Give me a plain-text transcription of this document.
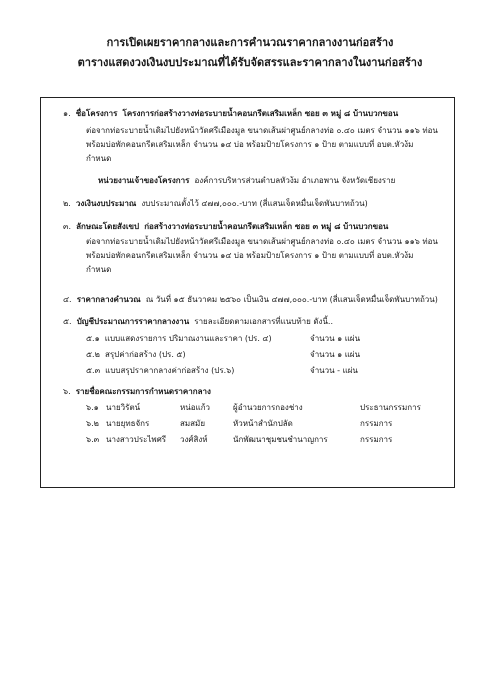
การเปิดเผยราคากลางและการคำนวณราคากลางงานก่อสร้าง
ตารางแสดงวงเงินงบประมาณที่ได้รับจัดสรรและราคากลางในงานก่อสร้าง
๑. ชื่อโครงการ โครงการก่อสร้างวางท่อระบายน้ำคอนกรีตเสริมเหล็ก ซอย ๓ หมู่ ๘ บ้านบวกขอน
ต่อจากท่อระบายน้ำเดิมไปยังหน้าวัดศรีเมืองมูล ขนาดเส้นผ่าศูนย์กลางท่อ ๐.๔๐ เมตร จำนวน ๑๑๖ ท่อน
พร้อมบ่อพักคอนกรีตเสริมเหล็ก จำนวน ๑๔ บ่อ พร้อมป้ายโครงการ ๑ ป้าย ตามแบบที่ อบต.หัวง้ม
กำหนด
หน่วยงานเจ้าของโครงการ องค์การบริหารส่วนตำบลหัวง้ม อำเภอพาน จังหวัดเชียงราย
๒. วงเงินงบประมาณ งบประมาณตั้งไว้ ๔๗๗,๐๐๐.-บาท (สี่แสนเจ็ดหมื่นเจ็ดพันบาทถ้วน)
๓. ลักษณะโดยสังเขป ก่อสร้างวางท่อระบายน้ำคอนกรีตเสริมเหล็ก ซอย ๓ หมู่ ๘ บ้านบวกขอน
ต่อจากท่อระบายน้ำเดิมไปยังหน้าวัดศรีเมืองมูล ขนาดเส้นผ่าศูนย์กลางท่อ ๐.๔๐ เมตร จำนวน ๑๑๖ ท่อน
พร้อมบ่อพักคอนกรีตเสริมเหล็ก จำนวน ๑๔ บ่อ พร้อมป้ายโครงการ ๑ ป้าย ตามแบบที่ อบต.หัวง้ม
กำหนด
๔. ราคากลางคำนวณ ณ วันที่ ๑๕ ธันวาคม ๒๕๖๐ เป็นเงิน ๔๗๗,๐๐๐.-บาท (สี่แสนเจ็ดหมื่นเจ็ดพันบาทถ้วน)
๕. บัญชีประมาณการราคากลางงาน รายละเอียดตามเอกสารที่แนบท้าย ดังนี้..
๕.๑ แบบแสดงรายการ ปริมาณงานและราคา (ปร. ๔)	จำนวน ๑ แผ่น
๕.๒ สรุปค่าก่อสร้าง (ปร. ๕)	จำนวน ๑ แผ่น
๕.๓ แบบสรุปราคากลางค่าก่อสร้าง (ปร.๖)	จำนวน - แผ่น
๖. รายชื่อคณะกรรมการกำหนดราคากลาง
๖.๑ นายวิรัตน์	หน่อแก้ว	ผู้อำนวยการกองช่าง	ประธานกรรมการ
๖.๒ นายยุทธจักร	สมสมัย	หัวหน้าสำนักปลัด	กรรมการ
๖.๓ นางสาวประไพศรี วงศ์สิงห์	นักพัฒนาชุมชนชำนาญการ	กรรมการ
